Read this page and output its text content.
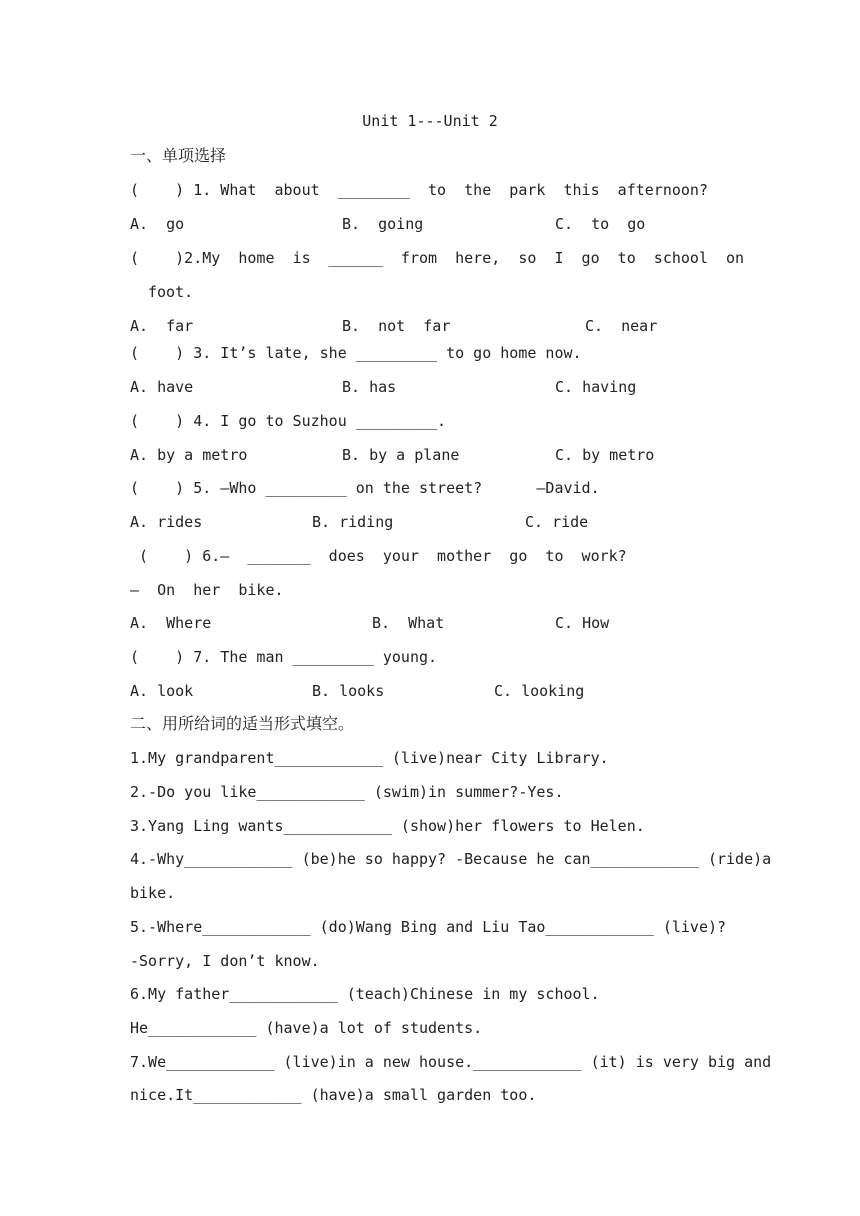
Unit 1---Unit 2
一、单项选择
(    ) 1. What  about  ________  to  the  park  this  afternoon?
A.  go	B.  going	C.  to  go
(    )2.My  home  is  ______  from  here,  so  I  go  to  school  on
foot.
A.  far	B.  not  far	C.  near
(    ) 3. It’s late, she _________ to go home now.
A. have	B. has	C. having
(    ) 4. I go to Suzhou _________.
A. by a metro	B. by a plane	C. by metro
(    ) 5. —Who _________ on the street?      —David.
A. rides	B. riding	C. ride
(    ) 6.—  _______  does  your  mother  go  to  work?
—  On  her  bike.
A.  Where	B.  What	C. How
(    ) 7. The man _________ young.
A. look	B. looks	C. looking
二、用所给词的适当形式填空。
1.My grandparent____________ (live)near City Library.
2.-Do you like____________ (swim)in summer?-Yes.
3.Yang Ling wants____________ (show)her flowers to Helen.
4.-Why____________ (be)he so happy? -Because he can____________ (ride)a
bike.
5.-Where____________ (do)Wang Bing and Liu Tao____________ (live)?
-Sorry, I don’t know.
6.My father____________ (teach)Chinese in my school.
He____________ (have)a lot of students.
7.We____________ (live)in a new house.____________ (it) is very big and
nice.It____________ (have)a small garden too.
